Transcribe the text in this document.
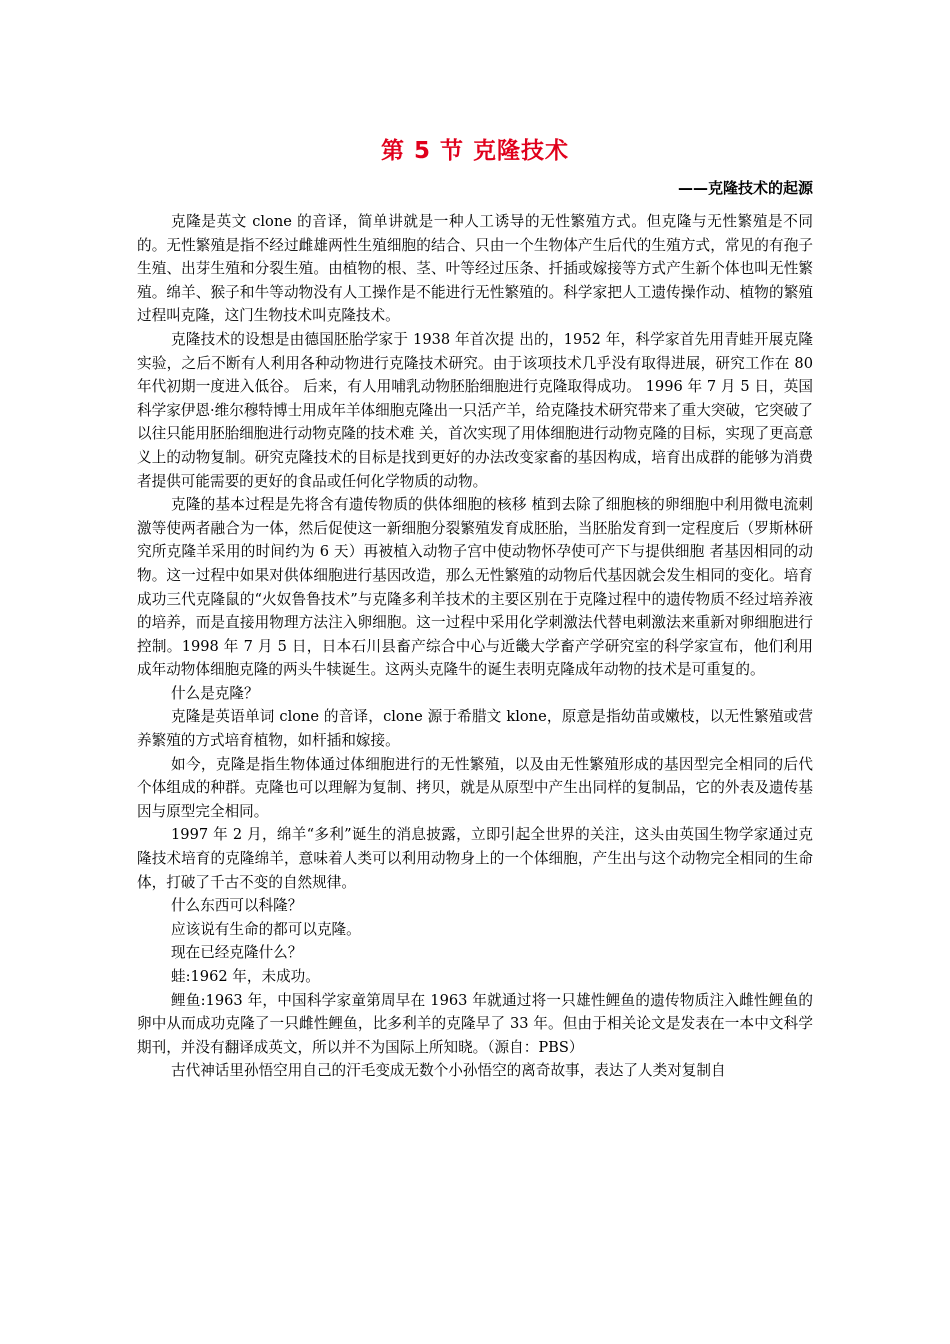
第 5 节 克隆技术
——克隆技术的起源

克隆是英文 clone 的音译，简单讲就是一种人工诱导的无性繁殖方式。但克隆与无性繁殖是不同的。无性繁殖是指不经过雌雄两性生殖细胞的结合、只由一个生物体产生后代的生殖方式，常见的有孢子生殖、出芽生殖和分裂生殖。由植物的根、茎、叶等经过压条、扦插或嫁接等方式产生新个体也叫无性繁殖。绵羊、猴子和牛等动物没有人工操作是不能进行无性繁殖的。科学家把人工遗传操作动、植物的繁殖过程叫克隆，这门生物技术叫克隆技术。

克隆技术的设想是由德国胚胎学家于 1938 年首次提 出的，1952 年，科学家首先用青蛙开展克隆实验，之后不断有人利用各种动物进行克隆技术研究。由于该项技术几乎没有取得进展，研究工作在 80 年代初期一度进入低谷。 后来，有人用哺乳动物胚胎细胞进行克隆取得成功。 1996 年 7 月 5 日，英国科学家伊恩·维尔穆特博士用成年羊体细胞克隆出一只活产羊，给克隆技术研究带来了重大突破，它突破了以往只能用胚胎细胞进行动物克隆的技术难 关，首次实现了用体细胞进行动物克隆的目标，实现了更高意义上的动物复制。研究克隆技术的目标是找到更好的办法改变家畜的基因构成，培育出成群的能够为消费者提供可能需要的更好的食品或任何化学物质的动物。

克隆的基本过程是先将含有遗传物质的供体细胞的核移 植到去除了细胞核的卵细胞中利用微电流刺激等使两者融合为一体，然后促使这一新细胞分裂繁殖发育成胚胎，当胚胎发育到一定程度后（罗斯林研究所克隆羊采用的时间约为 6 天）再被植入动物子宫中使动物怀孕使可产下与提供细胞 者基因相同的动物。这一过程中如果对供体细胞进行基因改造，那么无性繁殖的动物后代基因就会发生相同的变化。培育成功三代克隆鼠的“火奴鲁鲁技术”与克隆多利羊技术的主要区别在于克隆过程中的遗传物质不经过培养液的培养，而是直接用物理方法注入卵细胞。这一过程中采用化学刺激法代替电刺激法来重新对卵细胞进行控制。1998 年 7 月 5 日，日本石川县畜产综合中心与近畿大学畜产学研究室的科学家宣布，他们利用成年动物体细胞克隆的两头牛犊诞生。这两头克隆牛的诞生表明克隆成年动物的技术是可重复的。

什么是克隆？

克隆是英语单词 clone 的音译，clone 源于希腊文 klone，原意是指幼苗或嫩枝，以无性繁殖或营养繁殖的方式培育植物，如杆插和嫁接。

如今，克隆是指生物体通过体细胞进行的无性繁殖，以及由无性繁殖形成的基因型完全相同的后代个体组成的种群。克隆也可以理解为复制、拷贝，就是从原型中产生出同样的复制品，它的外表及遗传基因与原型完全相同。

1997 年 2 月，绵羊“多利”诞生的消息披露，立即引起全世界的关注，这头由英国生物学家通过克隆技术培育的克隆绵羊，意味着人类可以利用动物身上的一个体细胞，产生出与这个动物完全相同的生命体，打破了千古不变的自然规律。

什么东西可以科隆？

应该说有生命的都可以克隆。

现在已经克隆什么？

蛙:1962 年，未成功。

鲤鱼:1963 年，中国科学家童第周早在 1963 年就通过将一只雄性鲤鱼的遗传物质注入雌性鲤鱼的卵中从而成功克隆了一只雌性鲤鱼，比多利羊的克隆早了 33 年。但由于相关论文是发表在一本中文科学期刊，并没有翻译成英文，所以并不为国际上所知晓。（源自：PBS）

古代神话里孙悟空用自己的汗毛变成无数个小孙悟空的离奇故事，表达了人类对复制自
